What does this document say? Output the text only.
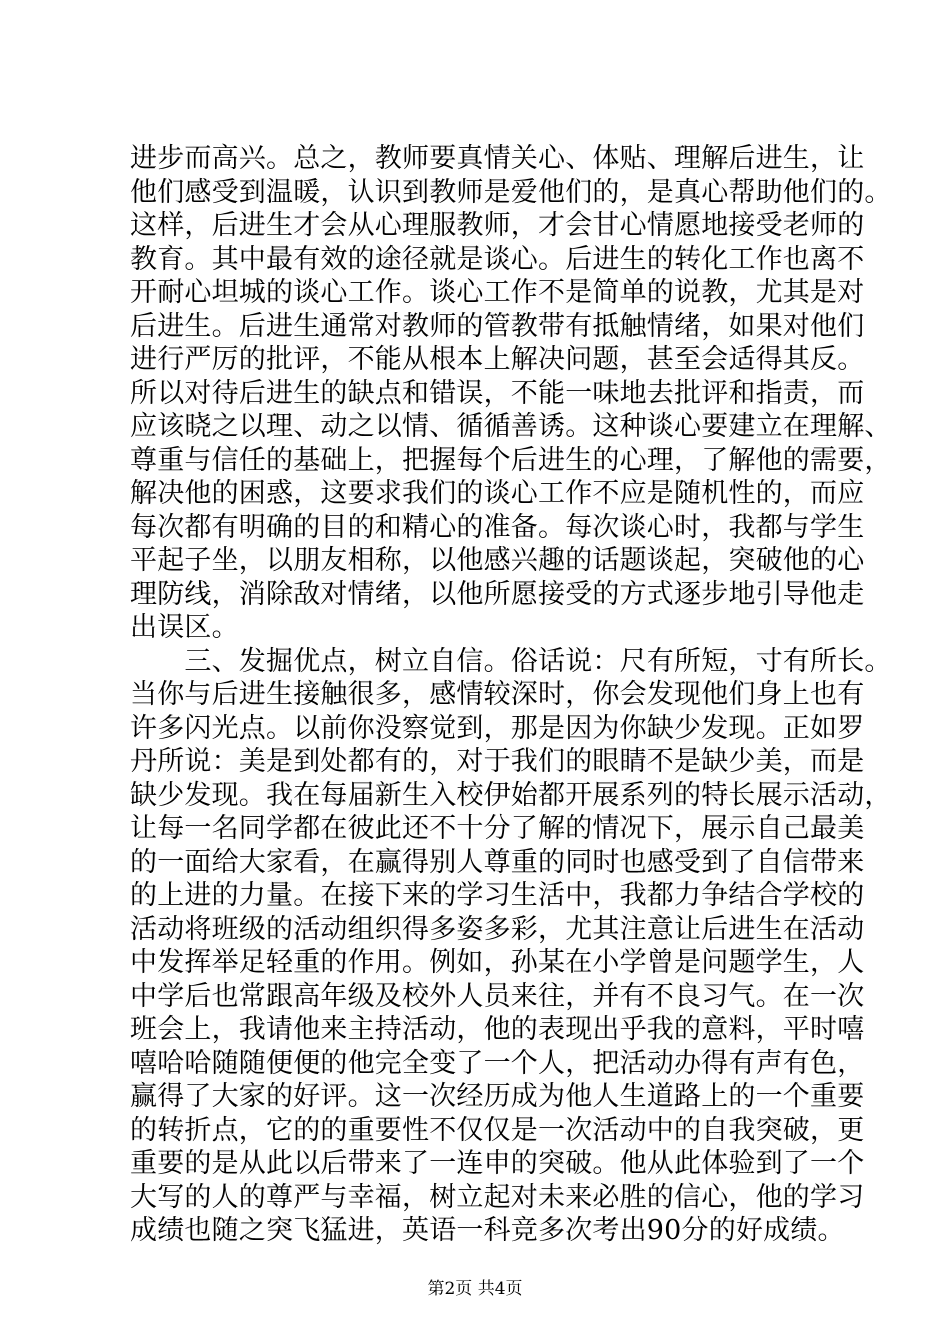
进步而高兴。总之，教师要真情关心、体贴、理解后进生，让
他们感受到温暖，认识到教师是爱他们的，是真心帮助他们的。
这样，后进生才会从心理服教师，才会甘心情愿地接受老师的
教育。其中最有效的途径就是谈心。后进生的转化工作也离不
开耐心坦城的谈心工作。谈心工作不是简单的说教，尤其是对
后进生。后进生通常对教师的管教带有抵触情绪，如果对他们
进行严厉的批评，不能从根本上解决问题，甚至会适得其反。
所以对待后进生的缺点和错误，不能一味地去批评和指责，而
应该晓之以理、动之以情、循循善诱。这种谈心要建立在理解、
尊重与信任的基础上，把握每个后进生的心理，了解他的需要，
解决他的困惑，这要求我们的谈心工作不应是随机性的，而应
每次都有明确的目的和精心的准备。每次谈心时，我都与学生
平起子坐，以朋友相称，以他感兴趣的话题谈起，突破他的心
理防线，消除敌对情绪，以他所愿接受的方式逐步地引导他走
出误区。
　　三、发掘优点，树立自信。俗话说：尺有所短，寸有所长。
当你与后进生接触很多，感情较深时，你会发现他们身上也有
许多闪光点。以前你没察觉到，那是因为你缺少发现。正如罗
丹所说：美是到处都有的，对于我们的眼睛不是缺少美，而是
缺少发现。我在每届新生入校伊始都开展系列的特长展示活动，
让每一名同学都在彼此还不十分了解的情况下，展示自己最美
的一面给大家看，在赢得别人尊重的同时也感受到了自信带来
的上进的力量。在接下来的学习生活中，我都力争结合学校的
活动将班级的活动组织得多姿多彩，尤其注意让后进生在活动
中发挥举足轻重的作用。例如，孙某在小学曾是问题学生，人
中学后也常跟高年级及校外人员来往，并有不良习气。在一次
班会上，我请他来主持活动，他的表现出乎我的意料，平时嘻
嘻哈哈随随便便的他完全变了一个人，把活动办得有声有色，
赢得了大家的好评。这一次经历成为他人生道路上的一个重要
的转折点，它的的重要性不仅仅是一次活动中的自我突破，更
重要的是从此以后带来了一连申的突破。他从此体验到了一个
大写的人的尊严与幸福，树立起对未来必胜的信心，他的学习
成绩也随之突飞猛进，英语一科竞多次考出90分的好成绩。
第2页 共4页
